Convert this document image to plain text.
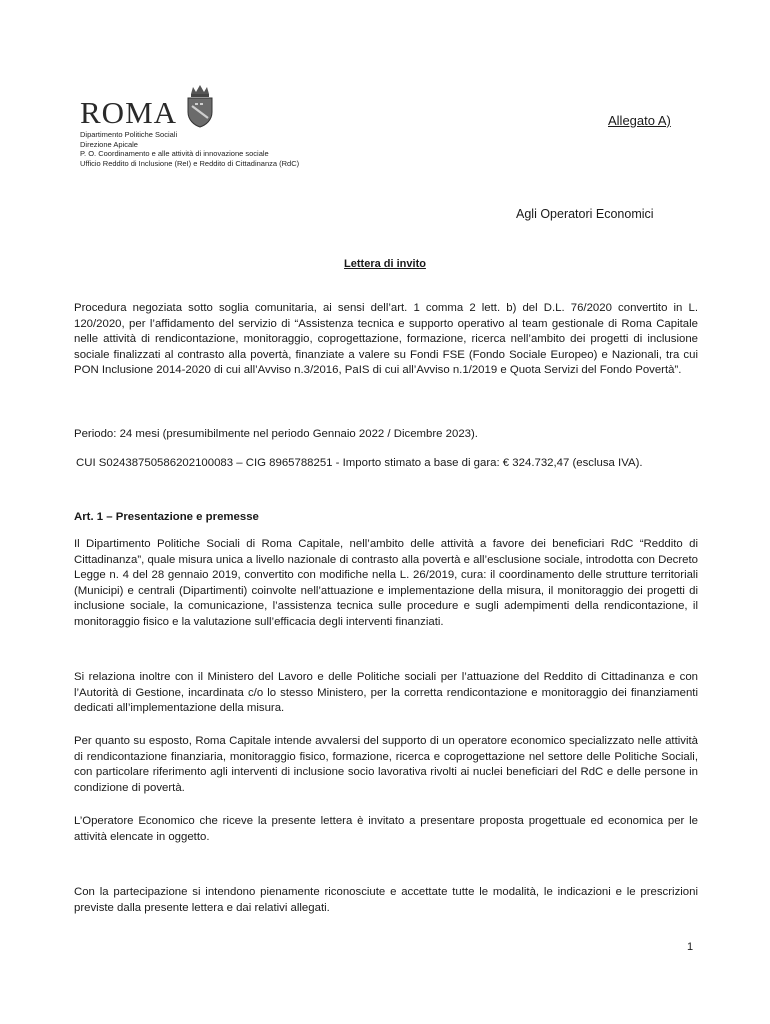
ROMA
Dipartimento Politiche Sociali
Direzione Apicale
P. O. Coordinamento e alle attività di innovazione sociale
Ufficio Reddito di Inclusione (ReI) e Reddito di Cittadinanza (RdC)
Allegato A)
Agli Operatori Economici
Lettera di invito

Procedura negoziata sotto soglia comunitaria, ai sensi dell’art. 1 comma 2 lett. b) del D.L. 76/2020 convertito in L. 120/2020, per l’affidamento del servizio di “Assistenza tecnica e supporto operativo al team gestionale di Roma Capitale nelle attività di rendicontazione, monitoraggio, coprogettazione, formazione, ricerca nell’ambito dei progetti di inclusione sociale finalizzati al contrasto alla povertà, finanziate a valere su Fondi FSE (Fondo Sociale Europeo) e Nazionali, tra cui PON Inclusione 2014-2020 di cui all’Avviso n.3/2016, PaIS di cui all’Avviso n.1/2019 e Quota Servizi del Fondo Povertà”.

Periodo: 24 mesi (presumibilmente nel periodo Gennaio 2022 / Dicembre 2023).

CUI S02438750586202100083 – CIG 8965788251 - Importo stimato a base di gara: € 324.732,47 (esclusa IVA).

Art. 1 – Presentazione e premesse

Il Dipartimento Politiche Sociali di Roma Capitale, nell’ambito delle attività a favore dei beneficiari RdC “Reddito di Cittadinanza”, quale misura unica a livello nazionale di contrasto alla povertà e all’esclusione sociale, introdotta con Decreto Legge n. 4 del 28 gennaio 2019, convertito con modifiche nella L. 26/2019, cura: il coordinamento delle strutture territoriali (Municipi) e centrali (Dipartimenti) coinvolte nell’attuazione e implementazione della misura, il monitoraggio dei progetti di inclusione sociale, la comunicazione, l’assistenza tecnica sulle procedure e sugli adempimenti della rendicontazione, il monitoraggio fisico e la valutazione sull’efficacia degli interventi finanziati.

Si relaziona inoltre con il Ministero del Lavoro e delle Politiche sociali per l’attuazione del Reddito di Cittadinanza e con l’Autorità di Gestione, incardinata c/o lo stesso Ministero, per la corretta rendicontazione e monitoraggio dei finanziamenti dedicati all’implementazione della misura.

Per quanto su esposto, Roma Capitale intende avvalersi del supporto di un operatore economico specializzato nelle attività di rendicontazione finanziaria, monitoraggio fisico, formazione, ricerca e coprogettazione nel settore delle Politiche Sociali, con particolare riferimento agli interventi di inclusione socio lavorativa rivolti ai nuclei beneficiari del RdC e delle persone in condizione di povertà.

L’Operatore Economico che riceve la presente lettera è invitato a presentare proposta progettuale ed economica per le attività elencate in oggetto.

Con la partecipazione si intendono pienamente riconosciute e accettate tutte le modalità, le indicazioni e le prescrizioni previste dalla presente lettera e dai relativi allegati.

1
